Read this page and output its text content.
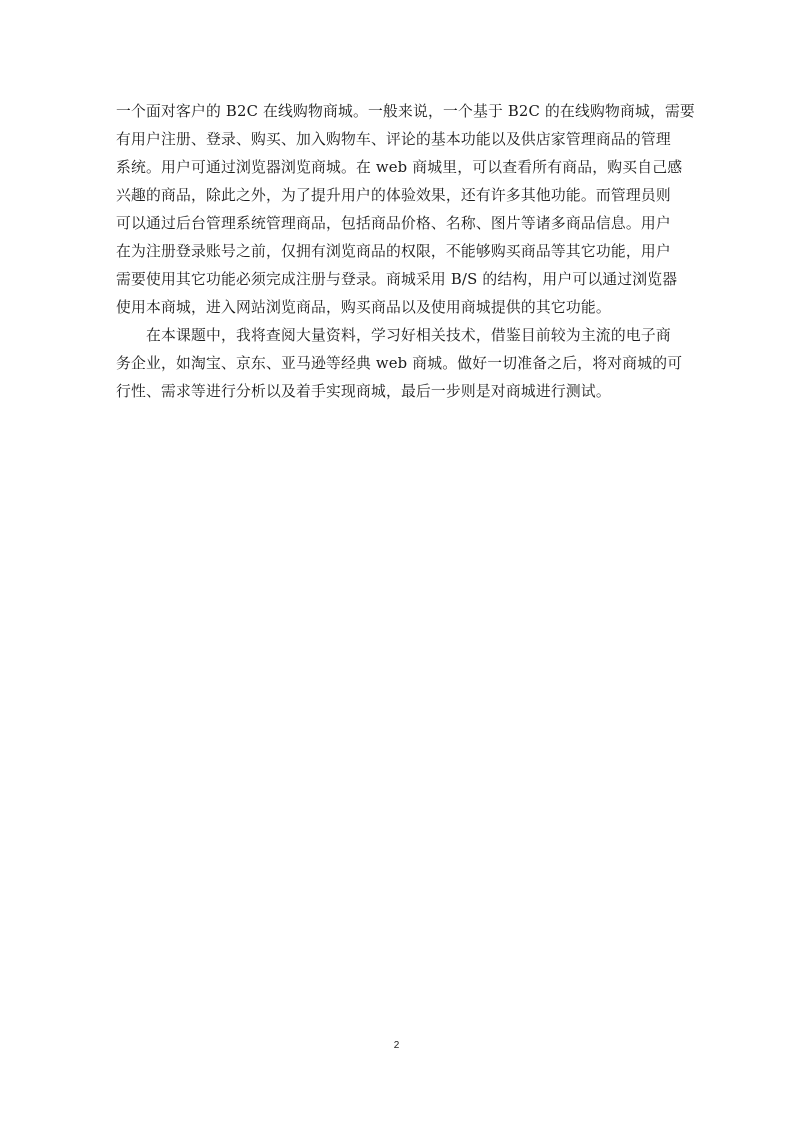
一个面对客户的 B2C 在线购物商城。一般来说，一个基于 B2C 的在线购物商城，需要
有用户注册、登录、购买、加入购物车、评论的基本功能以及供店家管理商品的管理
系统。用户可通过浏览器浏览商城。在 web 商城里，可以查看所有商品，购买自己感
兴趣的商品，除此之外，为了提升用户的体验效果，还有许多其他功能。而管理员则
可以通过后台管理系统管理商品，包括商品价格、名称、图片等诸多商品信息。用户
在为注册登录账号之前，仅拥有浏览商品的权限，不能够购买商品等其它功能，用户
需要使用其它功能必须完成注册与登录。商城采用 B/S 的结构，用户可以通过浏览器
使用本商城，进入网站浏览商品，购买商品以及使用商城提供的其它功能。
在本课题中，我将查阅大量资料，学习好相关技术，借鉴目前较为主流的电子商
务企业，如淘宝、京东、亚马逊等经典 web 商城。做好一切准备之后，将对商城的可
行性、需求等进行分析以及着手实现商城，最后一步则是对商城进行测试。
2
